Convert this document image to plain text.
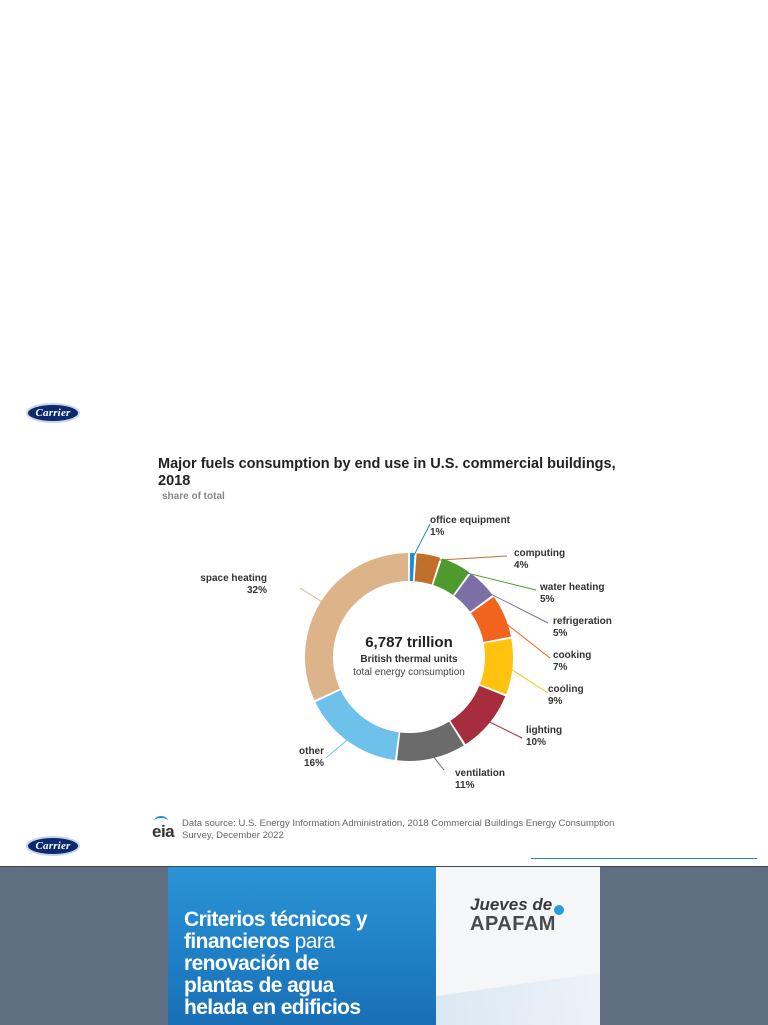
Carrier
Major fuels consumption by end use in U.S. commercial buildings, 2018
share of total
office equipment
1%
computing
4%
water heating
5%
refrigeration
5%
cooking
7%
cooling
9%
lighting
10%
ventilation
11%
other
16%
space heating
32%
6,787 trillion
British thermal units
total energy consumption
eia Data source: U.S. Energy Information Administration, 2018 Commercial Buildings Energy Consumption Survey, December 2022
Carrier
Criterios técnicos y
financieros para
renovación de
plantas de agua
helada en edificios
Jueves de
APAFAM
